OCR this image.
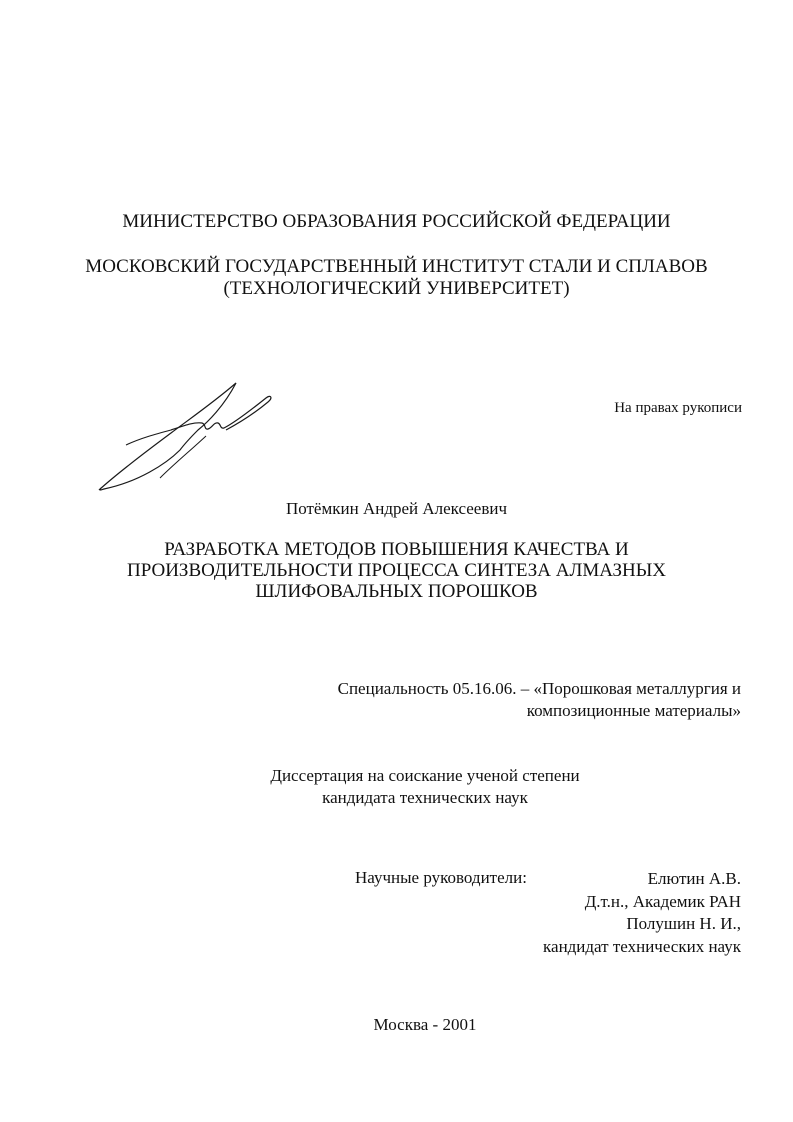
МИНИСТЕРСТВО ОБРАЗОВАНИЯ РОССИЙСКОЙ ФЕДЕРАЦИИ
МОСКОВСКИЙ ГОСУДАРСТВЕННЫЙ ИНСТИТУТ СТАЛИ И СПЛАВОВ
(ТЕХНОЛОГИЧЕСКИЙ УНИВЕРСИТЕТ)
На правах рукописи
Потёмкин Андрей Алексеевич
РАЗРАБОТКА МЕТОДОВ ПОВЫШЕНИЯ КАЧЕСТВА И
ПРОИЗВОДИТЕЛЬНОСТИ ПРОЦЕССА СИНТЕЗА АЛМАЗНЫХ
ШЛИФОВАЛЬНЫХ ПОРОШКОВ
Специальность 05.16.06. – «Порошковая металлургия и
композиционные материалы»
Диссертация на соискание ученой степени
кандидата технических наук
Научные руководители:	Елютин А.В.
Д.т.н., Академик РАН
Полушин Н. И.,
кандидат технических наук
Москва - 2001
